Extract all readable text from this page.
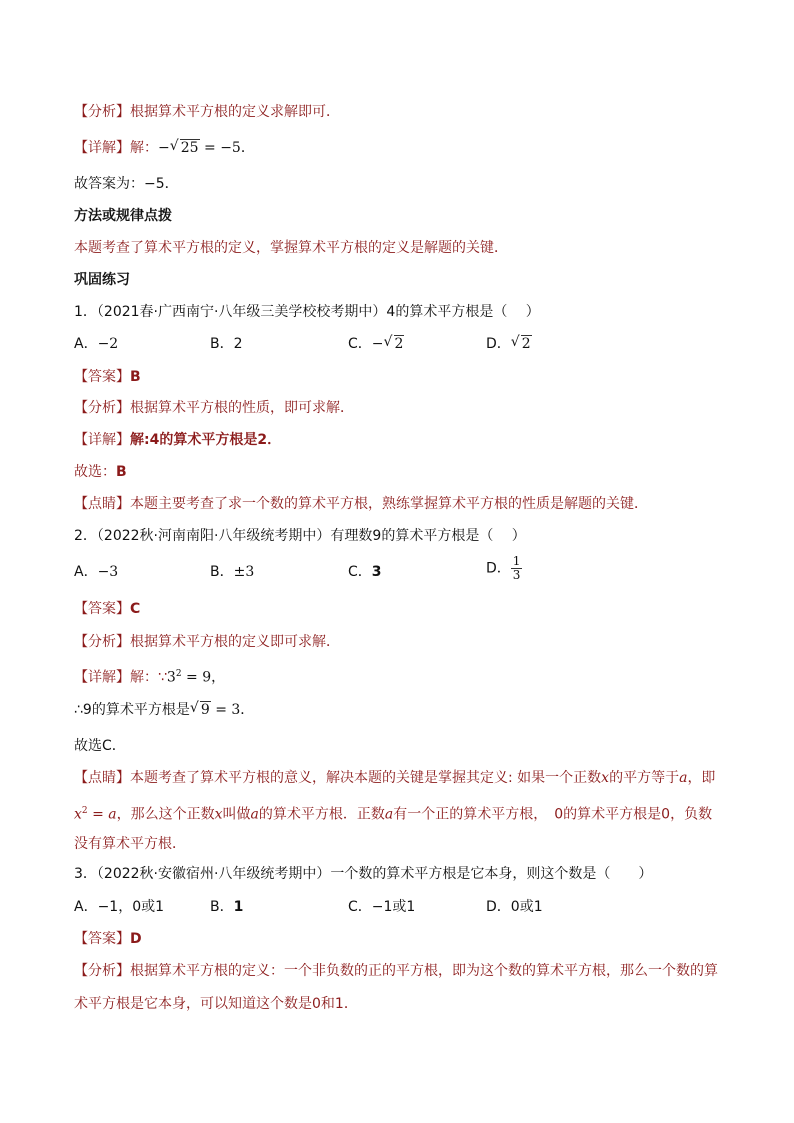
【分析】根据算术平方根的定义求解即可．
【详解】解：− √ 25 = −5．
故答案为：−5．
方法或规律点拨
本题考查了算术平方根的定义，掌握算术平方根的定义是解题的关键．
巩固练习
1．（2021春·广西南宁·八年级三美学校校考期中）4的算术平方根是（　 ）
A．−2	B．2	C．− √ 2	D． √ 2
【答案】B
【分析】根据算术平方根的性质，即可求解．
【详解】解:4的算术平方根是2．
故选：B
【点睛】本题主要考查了求一个数的算术平方根，熟练掌握算术平方根的性质是解题的关键．
2．（2022秋·河南南阳·八年级统考期中）有理数9的算术平方根是（　 ）
A．−3	B．±3	C．3	D． $\frac{1}{3}$
【答案】C
【分析】根据算术平方根的定义即可求解．
【详解】解：$\because 3^2 = 9$，
∴9的算术平方根是 √ 9 = 3．
故选C．
【点睛】本题考查了算术平方根的意义，解决本题的关键是掌握其定义: 如果一个正数x的平方等于a，即
$x^2 = a$，那么这个正数x叫做a的算术平方根．正数a有一个正的算术平方根，　0的算术平方根是0，负数
没有算术平方根．
3．（2022秋·安徽宿州·八年级统考期中）一个数的算术平方根是它本身，则这个数是（　　）
A．−1，0或1	B．1	C．−1或1	D．0或1
【答案】D
【分析】根据算术平方根的定义：一个非负数的正的平方根，即为这个数的算术平方根，那么一个数的算
术平方根是它本身，可以知道这个数是0和1．
